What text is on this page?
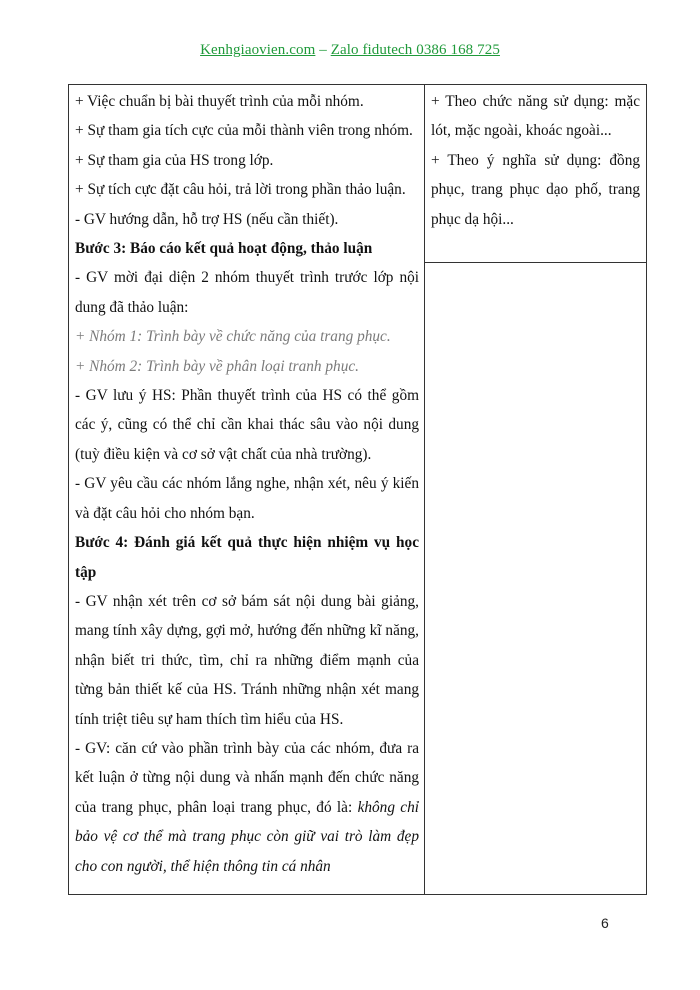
Kenhgiaovien.com – Zalo fidutech 0386 168 725

+ Việc chuẩn bị bài thuyết trình của mỗi nhóm.

+ Sự tham gia tích cực của mỗi thành viên trong nhóm.

+ Sự tham gia của HS trong lớp.

+ Sự tích cực đặt câu hỏi, trả lời trong phần thảo luận.

- GV hướng dẫn, hỗ trợ HS (nếu cần thiết).

Bước 3: Báo cáo kết quả hoạt động, thảo luận

- GV mời đại diện 2 nhóm thuyết trình trước lớp nội dung đã thảo luận:

+ Nhóm 1: Trình bày về chức năng của trang phục.

+ Nhóm 2: Trình bày về phân loại tranh phục.

- GV lưu ý HS: Phần thuyết trình của HS có thể gồm các ý, cũng có thể chỉ cần khai thác sâu vào nội dung (tuỳ điều kiện và cơ sở vật chất của nhà trường).

- GV yêu cầu các nhóm lắng nghe, nhận xét, nêu ý kiến và đặt câu hỏi cho nhóm bạn.

Bước 4: Đánh giá kết quả thực hiện nhiệm vụ học tập

- GV nhận xét trên cơ sở bám sát nội dung bài giảng, mang tính xây dựng, gợi mở, hướng đến những kĩ năng, nhận biết tri thức, tìm, chỉ ra những điểm mạnh của từng bản thiết kế của HS. Tránh những nhận xét mang tính triệt tiêu sự ham thích tìm hiểu của HS.

- GV: căn cứ vào phần trình bày của các nhóm, đưa ra kết luận ở từng nội dung và nhấn mạnh đến chức năng của trang phục, phân loại trang phục, đó là: không chỉ bảo vệ cơ thể mà trang phục còn giữ vai trò làm đẹp cho con người, thể hiện thông tin cá nhân

+ Theo chức năng sử dụng: mặc lót, mặc ngoài, khoác ngoài...

+ Theo ý nghĩa sử dụng: đồng phục, trang phục dạo phố, trang phục dạ hội...

6
